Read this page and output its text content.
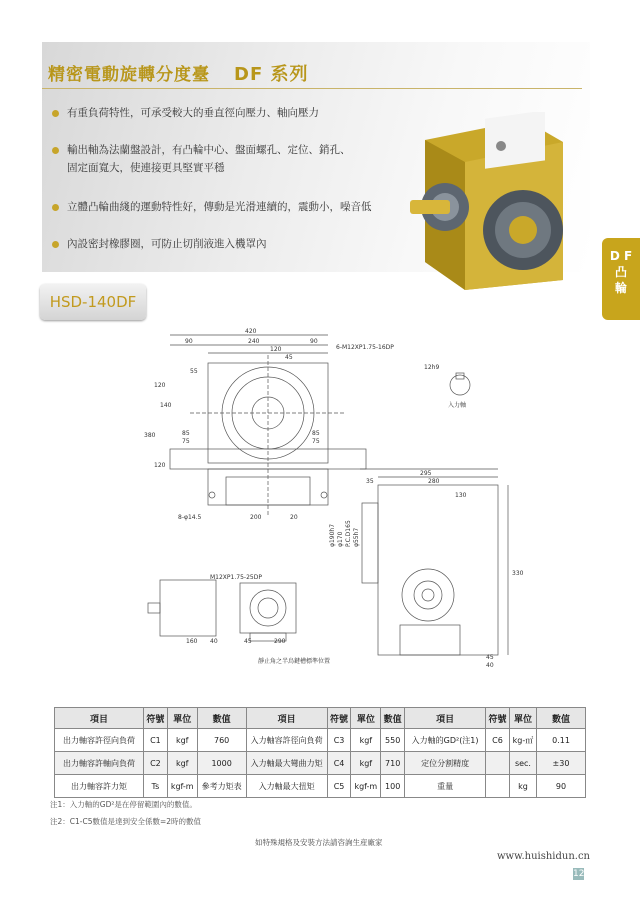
精密電動旋轉分度臺 DF 系列
有重負荷特性，可承受較大的垂直徑向壓力、軸向壓力
輸出軸為法蘭盤設計，有凸輪中心、盤面螺孔、定位、銷孔、
固定面寬大，使連接更具堅實平穩
立體凸輪曲綫的運動特性好，傳動是光滑連續的，震動小，噪音低
內設密封橡膠圈，可防止切削液進入機罩內
D F
凸
輪
HSD-140DF
420
90	240	90
120
45
55
6-M12XP1.75-16DP
120
140
380
120
85
75
85
75
8-φ14.5	200	20
12h9
入力軸
295
280
35
130
330
45
40
φ190h7 φ170 P.C.D165 φ55h7
M12XP1.75-25DP
160 40	45	290
靜止角之半鳥鍵槽標準位置
項目	符號	單位	數值	項目	符號	單位	數值	項目	符號	單位	數值
出力軸容許徑向負荷	C1	kgf	760	入力軸容許徑向負荷	C3	kgf	550	入力軸的GD²(注1)	C6	kg-㎡	0.11
出力軸容許軸向負荷	C2	kgf	1000	入力軸最大彎曲力矩	C4	kgf	710	定位分割精度		sec.	±30
出力軸容許力矩	Ts	kgf-m	參考力矩表	入力軸最大扭矩	C5	kgf-m	100	重量		kg	90
注1：入力軸的GD²是在停留範圍內的數值。
注2：C1-C5數值是達到安全係數=2時的數值
如特殊規格及安裝方法請咨詢生産廠家
www.huishidun.cn
12
